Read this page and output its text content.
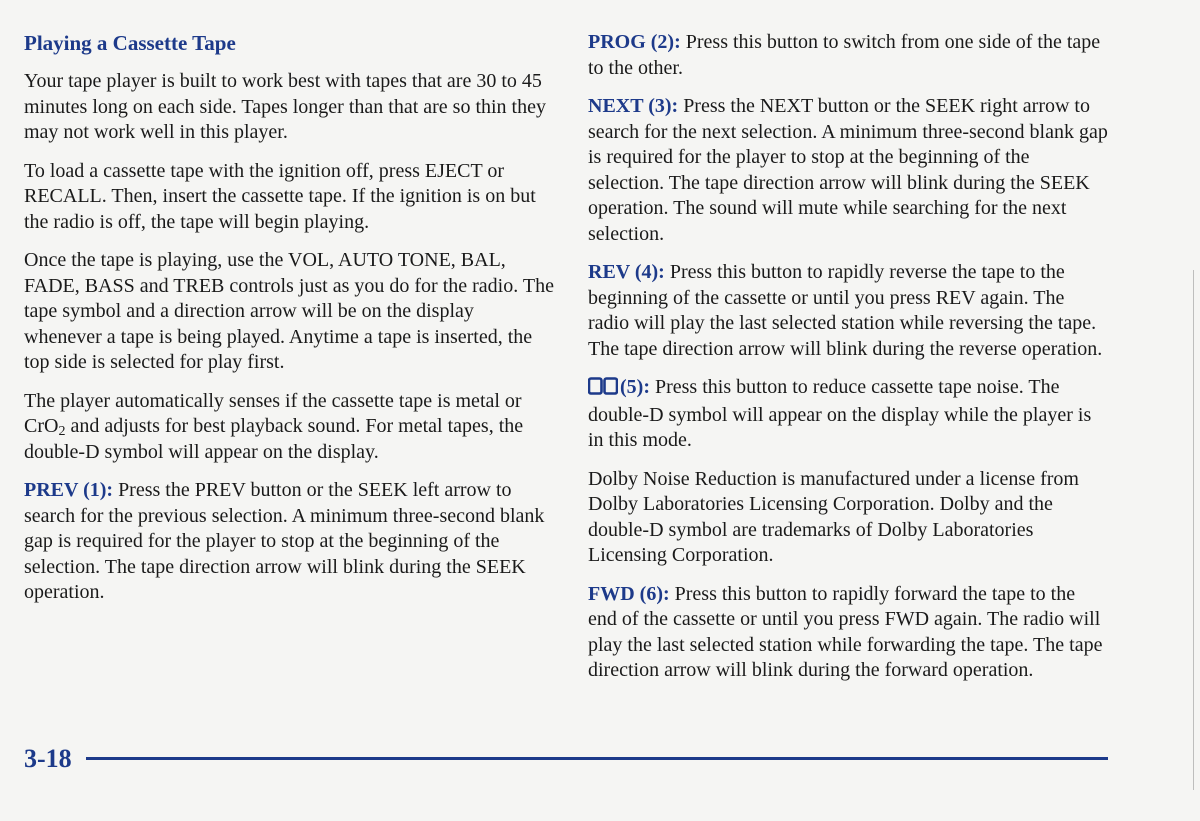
Playing a Cassette Tape

Your tape player is built to work best with tapes that are 30 to 45 minutes long on each side. Tapes longer than that are so thin they may not work well in this player.

To load a cassette tape with the ignition off, press EJECT or RECALL. Then, insert the cassette tape. If the ignition is on but the radio is off, the tape will begin playing.

Once the tape is playing, use the VOL, AUTO TONE, BAL, FADE, BASS and TREB controls just as you do for the radio. The tape symbol and a direction arrow will be on the display whenever a tape is being played. Anytime a tape is inserted, the top side is selected for play first.

The player automatically senses if the cassette tape is metal or CrO$_2$ and adjusts for best playback sound. For metal tapes, the double-D symbol will appear on the display.

PREV (1): Press the PREV button or the SEEK left arrow to search for the previous selection. A minimum three-second blank gap is required for the player to stop at the beginning of the selection. The tape direction arrow will blink during the SEEK operation.

PROG (2): Press this button to switch from one side of the tape to the other.

NEXT (3): Press the NEXT button or the SEEK right arrow to search for the next selection. A minimum three-second blank gap is required for the player to stop at the beginning of the selection. The tape direction arrow will blink during the SEEK operation. The sound will mute while searching for the next selection.

REV (4): Press this button to rapidly reverse the tape to the beginning of the cassette or until you press REV again. The radio will play the last selected station while reversing the tape. The tape direction arrow will blink during the reverse operation.

(5): Press this button to reduce cassette tape noise. The double-D symbol will appear on the display while the player is in this mode.

Dolby Noise Reduction is manufactured under a license from Dolby Laboratories Licensing Corporation. Dolby and the double-D symbol are trademarks of Dolby Laboratories Licensing Corporation.

FWD (6): Press this button to rapidly forward the tape to the end of the cassette or until you press FWD again. The radio will play the last selected station while forwarding the tape. The tape direction arrow will blink during the forward operation.

3-18
